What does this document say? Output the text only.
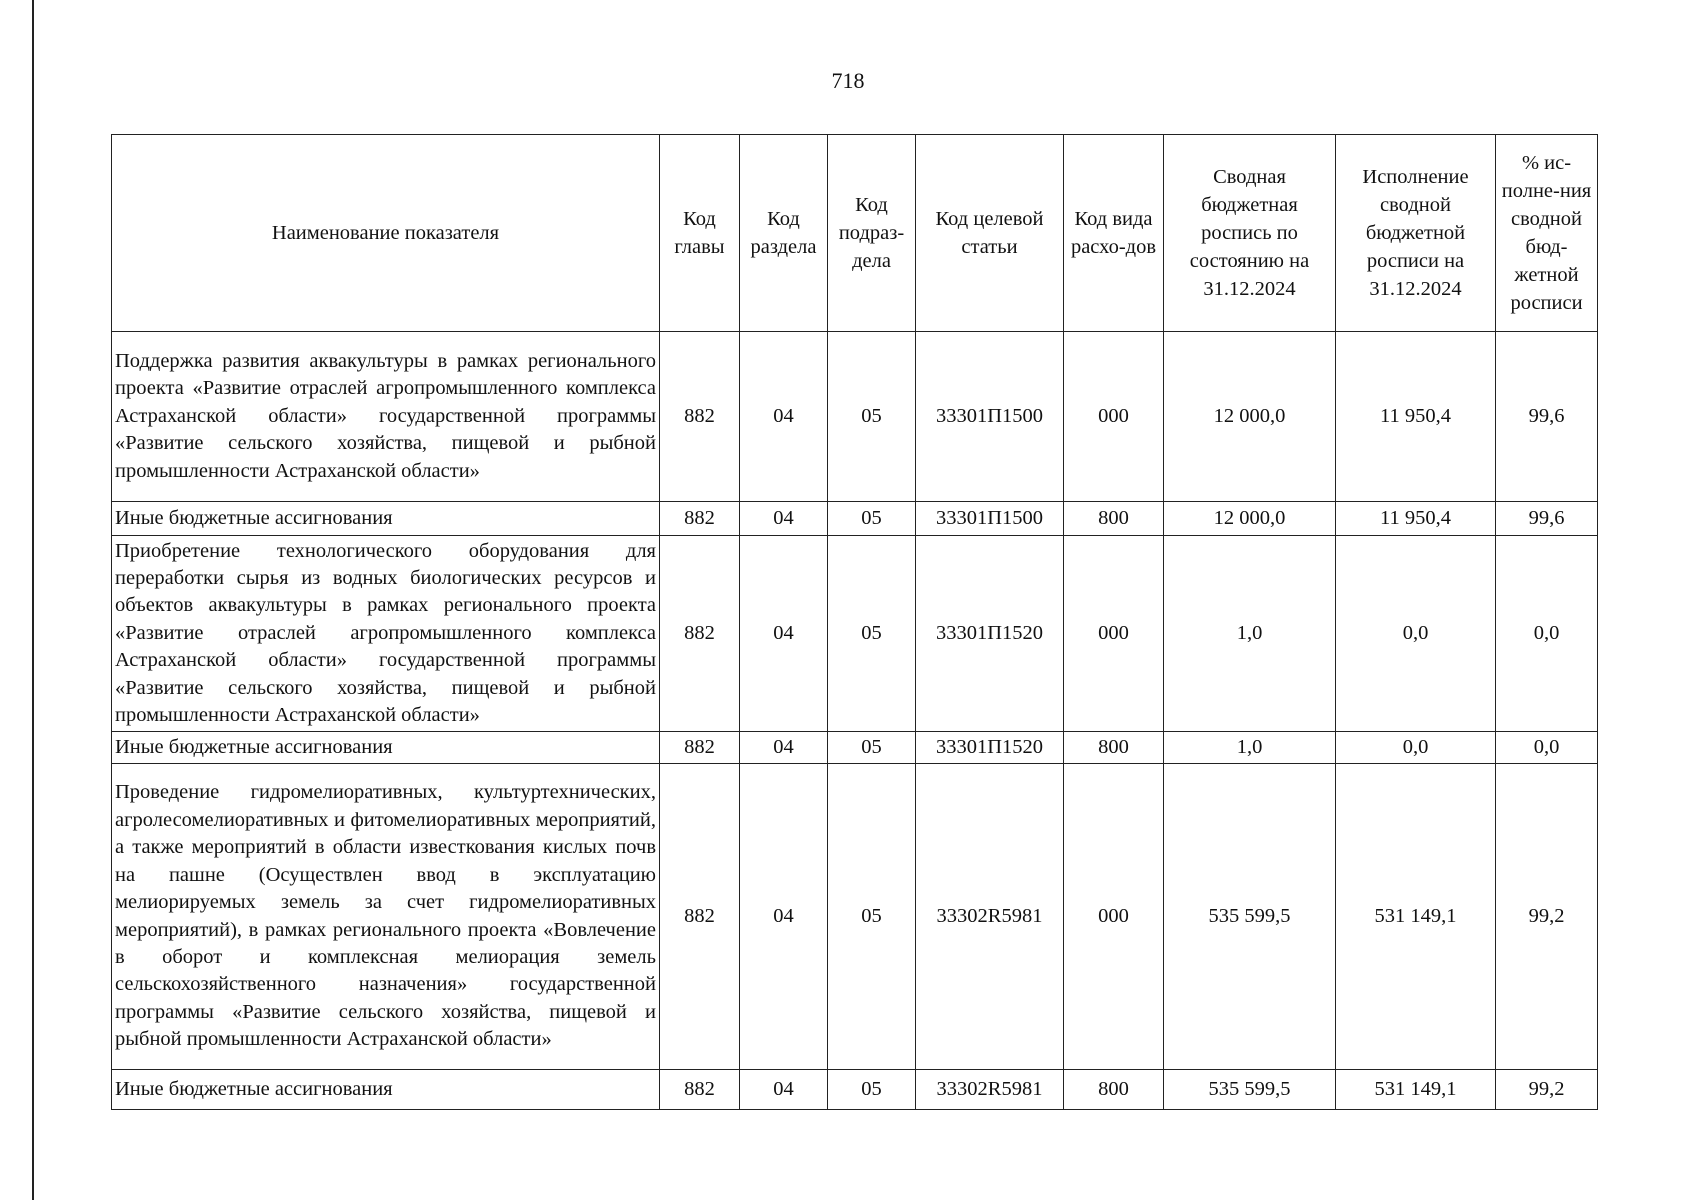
718
Наименование показателя	Код главы	Код раздела	Код подраз-дела	Код целевой статьи	Код вида расхо-дов	Сводная бюджетная роспись по состоянию на 31.12.2024	Исполнение сводной бюджетной росписи на 31.12.2024	% ис-полне-ния сводной бюд-жетной росписи
Поддержка развития аквакультуры в рамках регионального проекта «Развитие отраслей агропромышленного комплекса Астраханской области» государственной программы «Развитие сельского хозяйства, пищевой и рыбной промышленности Астраханской области»	882	04	05	33301П1500	000	12 000,0	11 950,4	99,6
Иные бюджетные ассигнования	882	04	05	33301П1500	800	12 000,0	11 950,4	99,6
Приобретение технологического оборудования для переработки сырья из водных биологических ресурсов и объектов аквакультуры в рамках регионального проекта «Развитие отраслей агропромышленного комплекса Астраханской области» государственной программы «Развитие сельского хозяйства, пищевой и рыбной промышленности Астраханской области»	882	04	05	33301П1520	000	1,0	0,0	0,0
Иные бюджетные ассигнования	882	04	05	33301П1520	800	1,0	0,0	0,0
Проведение гидромелиоративных, культуртехнических, агролесомелиоративных и фитомелиоративных мероприятий, а также мероприятий в области известкования кислых почв на пашне (Осуществлен ввод в эксплуатацию мелиорируемых земель за счет гидромелиоративных мероприятий), в рамках регионального проекта «Вовлечение в оборот и комплексная мелиорация земель сельскохозяйственного назначения» государственной программы «Развитие сельского хозяйства, пищевой и рыбной промышленности Астраханской области»	882	04	05	33302R5981	000	535 599,5	531 149,1	99,2
Иные бюджетные ассигнования	882	04	05	33302R5981	800	535 599,5	531 149,1	99,2
